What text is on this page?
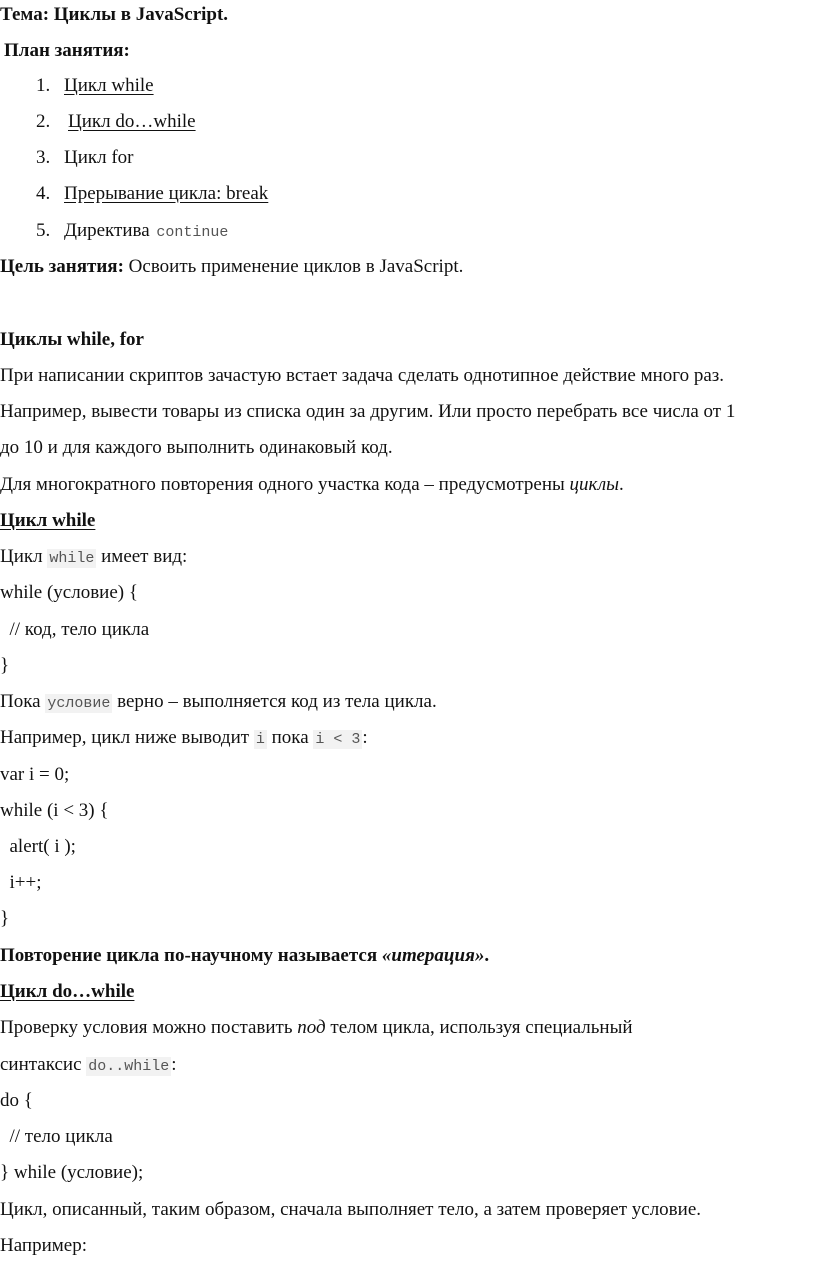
Тема: Циклы в JavaScript.
План занятия:
1. Цикл while
2. Цикл do…while
3. Цикл for
4. Прерывание цикла: break
5. Директива continue
Цель занятия: Освоить применение циклов в JavaScript.
Циклы while, for
При написании скриптов зачастую встает задача сделать однотипное действие много раз.
Например, вывести товары из списка один за другим. Или просто перебрать все числа от 1
до 10 и для каждого выполнить одинаковый код.
Для многократного повторения одного участка кода – предусмотрены циклы.
Цикл while
Цикл while имеет вид:
while (условие) {
// код, тело цикла
}
Пока условие верно – выполняется код из тела цикла.
Например, цикл ниже выводит i пока i < 3 :
var i = 0;
while (i < 3) {
alert( i );
i++;
}
Повторение цикла по-научному называется «итерация».
Цикл do…while
Проверку условия можно поставить под телом цикла, используя специальный
синтаксис do..while :
do {
// тело цикла
} while (условие);
Цикл, описанный, таким образом, сначала выполняет тело, а затем проверяет условие.
Например:
